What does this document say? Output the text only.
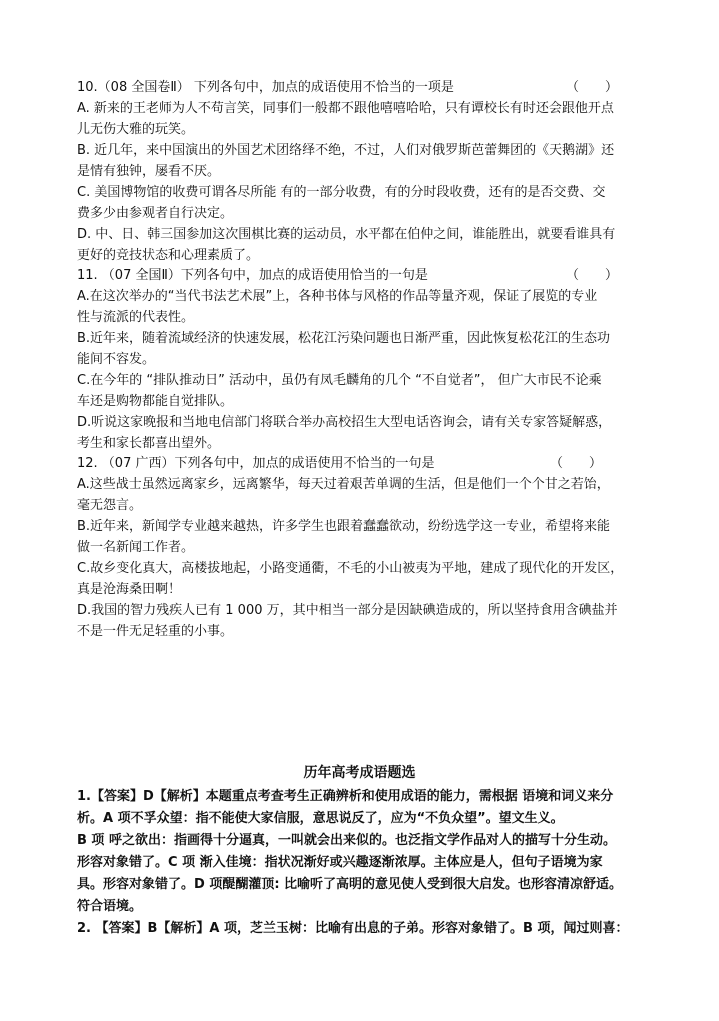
10.（08 全国卷Ⅱ） 下列各句中，加点的成语使用不恰当的一项是	（　　）
A. 新来的王老师为人不苟言笑，同事们一般都不跟他嘻嘻哈哈，只有谭校长有时还会跟他开点
儿无伤大雅的玩笑。
B. 近几年，来中国演出的外国艺术团络绎不绝，不过，人们对俄罗斯芭蕾舞团的《天鹅湖》还
是情有独钟，屡看不厌。
C. 美国博物馆的收费可谓各尽所能 有的一部分收费，有的分时段收费，还有的是否交费、交
费多少由参观者自行决定。
D. 中、日、韩三国参加这次围棋比赛的运动员，水平都在伯仲之间，谁能胜出，就要看谁具有
更好的竞技状态和心理素质了。
11. （07 全国Ⅱ）下列各句中，加点的成语使用恰当的一句是	（　　）
A.在这次举办的“当代书法艺术展”上，各种书体与风格的作品等量齐观，保证了展览的专业
性与流派的代表性。
B.近年来，随着流域经济的快速发展，松花江污染问题也日渐严重，因此恢复松花江的生态功
能间不容发。
C.在今年的 “排队推动日” 活动中，虽仍有凤毛麟角的几个 “不自觉者”， 但广大市民不论乘
车还是购物都能自觉排队。
D.听说这家晚报和当地电信部门将联合举办高校招生大型电话咨询会，请有关专家答疑解惑，
考生和家长都喜出望外。
12. （07 广西）下列各句中，加点的成语使用不恰当的一句是	（　　）
A.这些战士虽然远离家乡，远离繁华，每天过着艰苦单调的生活，但是他们一个个甘之若饴，
毫无怨言。
B.近年来，新闻学专业越来越热，许多学生也跟着蠢蠢欲动，纷纷选学这一专业，希望将来能
做一名新闻工作者。
C.故乡变化真大，高楼拔地起，小路变通衢，不毛的小山被夷为平地，建成了现代化的开发区，
真是沧海桑田啊！
D.我国的智力残疾人已有 1 000 万，其中相当一部分是因缺碘造成的，所以坚持食用含碘盐并
不是一件无足轻重的小事。
历年高考成语题选
1.【答案】D【解析】本题重点考查考生正确辨析和使用成语的能力，需根据 语境和词义来分
析。A 项不孚众望：指不能使大家信服，意思说反了，应为“不负众望”。望文生义。
B 项 呼之欲出：指画得十分逼真，一叫就会出来似的。也泛指文学作品对人的描写十分生动。
形容对象错了。C 项 渐入佳境：指状况渐好或兴趣逐渐浓厚。主体应是人，但句子语境为家
具。形容对象错了。D 项醍醐灌顶: 比喻听了高明的意见使人受到很大启发。也形容清凉舒适。
符合语境。
2. 【答案】B【解析】A 项，芝兰玉树：比喻有出息的子弟。形容对象错了。B 项，闻过则喜：
